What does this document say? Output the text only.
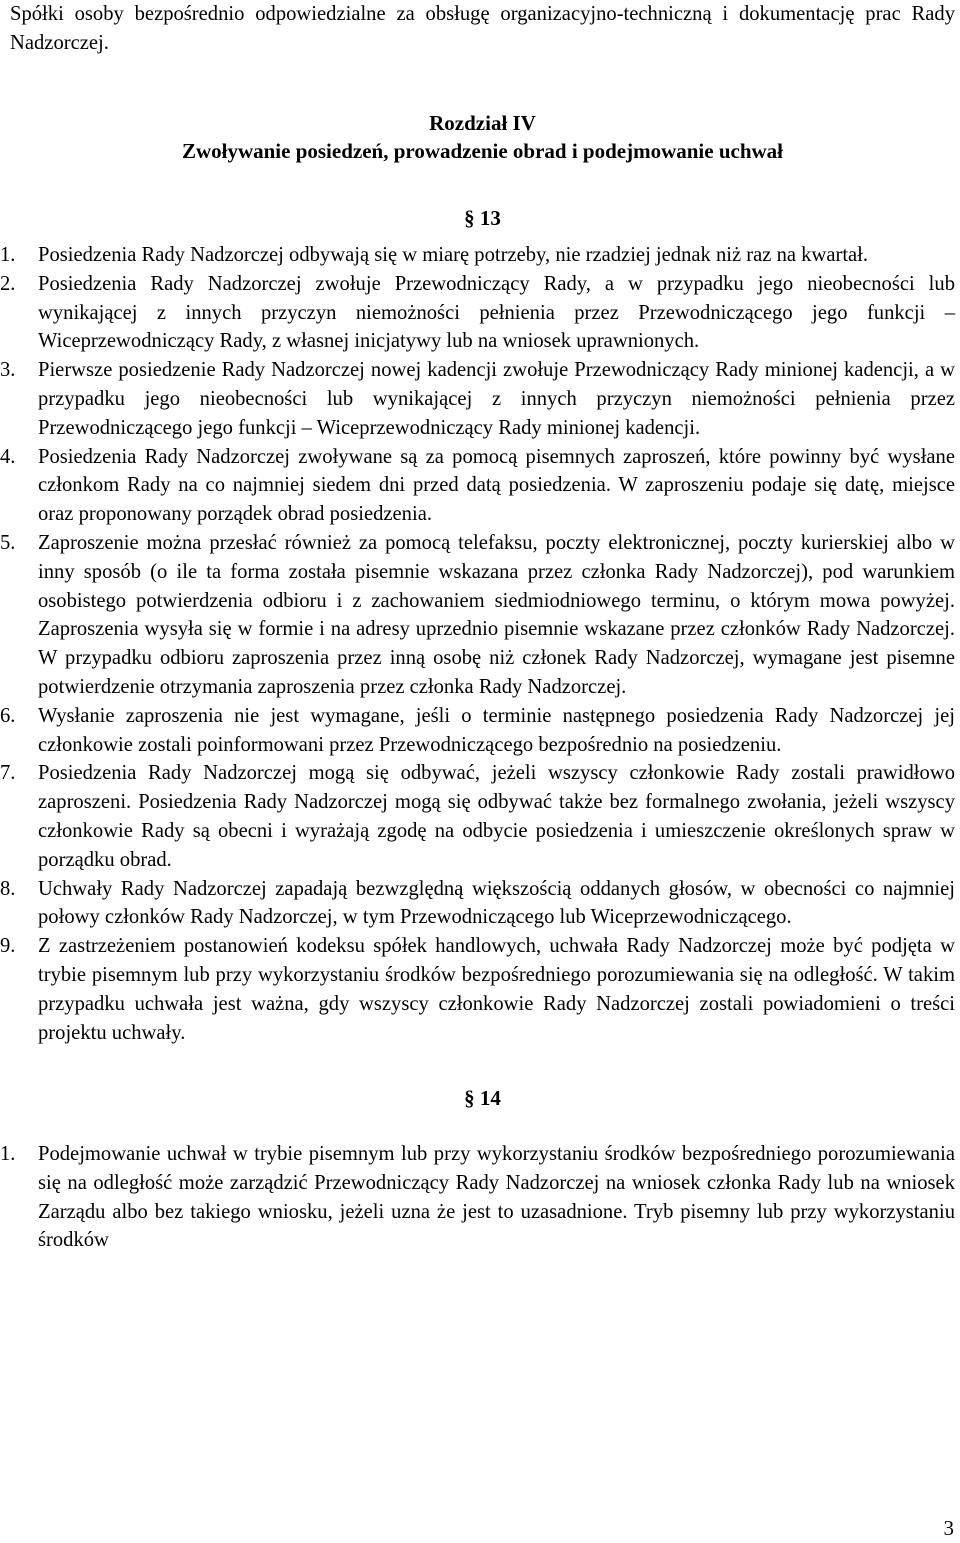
Spółki osoby bezpośrednio odpowiedzialne za obsługę organizacyjno-techniczną i dokumentację prac Rady Nadzorczej.

Rozdział IV

Zwoływanie posiedzeń, prowadzenie obrad i podejmowanie uchwał

§ 13

1.	Posiedzenia Rady Nadzorczej odbywają się w miarę potrzeby, nie rzadziej jednak niż raz na kwartał.
2.	Posiedzenia Rady Nadzorczej zwołuje Przewodniczący Rady, a w przypadku jego nieobecności lub wynikającej z innych przyczyn niemożności pełnienia przez Przewodniczącego jego funkcji – Wiceprzewodniczący Rady, z własnej inicjatywy lub na wniosek uprawnionych.
3.	Pierwsze posiedzenie Rady Nadzorczej nowej kadencji zwołuje Przewodniczący Rady minionej kadencji, a w przypadku jego nieobecności lub wynikającej z innych przyczyn niemożności pełnienia przez Przewodniczącego jego funkcji – Wiceprzewodniczący Rady minionej kadencji.
4.	Posiedzenia Rady Nadzorczej zwoływane są za pomocą pisemnych zaproszeń, które powinny być wysłane członkom Rady na co najmniej siedem dni przed datą posiedzenia. W zaproszeniu podaje się datę, miejsce oraz proponowany porządek obrad posiedzenia.
5.	Zaproszenie można przesłać również za pomocą telefaksu, poczty elektronicznej, poczty kurierskiej albo w inny sposób (o ile ta forma została pisemnie wskazana przez członka Rady Nadzorczej), pod warunkiem osobistego potwierdzenia odbioru i z zachowaniem siedmiodniowego terminu, o którym mowa powyżej. Zaproszenia wysyła się w formie i na adresy uprzednio pisemnie wskazane przez członków Rady Nadzorczej. W przypadku odbioru zaproszenia przez inną osobę niż członek Rady Nadzorczej, wymagane jest pisemne potwierdzenie otrzymania zaproszenia przez członka Rady Nadzorczej.
6.	Wysłanie zaproszenia nie jest wymagane, jeśli o terminie następnego posiedzenia Rady Nadzorczej jej członkowie zostali poinformowani przez Przewodniczącego bezpośrednio na posiedzeniu.
7.	Posiedzenia Rady Nadzorczej mogą się odbywać, jeżeli wszyscy członkowie Rady zostali prawidłowo zaproszeni. Posiedzenia Rady Nadzorczej mogą się odbywać także bez formalnego zwołania, jeżeli wszyscy członkowie Rady są obecni i wyrażają zgodę na odbycie posiedzenia i umieszczenie określonych spraw w porządku obrad.
8.	Uchwały Rady Nadzorczej zapadają bezwzględną większością oddanych głosów, w obecności co najmniej połowy członków Rady Nadzorczej, w tym Przewodniczącego lub Wiceprzewodniczącego.
9.	Z zastrzeżeniem postanowień kodeksu spółek handlowych, uchwała Rady Nadzorczej może być podjęta w trybie pisemnym lub przy wykorzystaniu środków bezpośredniego porozumiewania się na odległość. W takim przypadku uchwała jest ważna, gdy wszyscy członkowie Rady Nadzorczej zostali powiadomieni o treści projektu uchwały.

§ 14

1.	Podejmowanie uchwał w trybie pisemnym lub przy wykorzystaniu środków bezpośredniego porozumiewania się na odległość może zarządzić Przewodniczący Rady Nadzorczej na wniosek członka Rady lub na wniosek Zarządu albo bez takiego wniosku, jeżeli uzna że jest to uzasadnione. Tryb pisemny lub przy wykorzystaniu środków
3
